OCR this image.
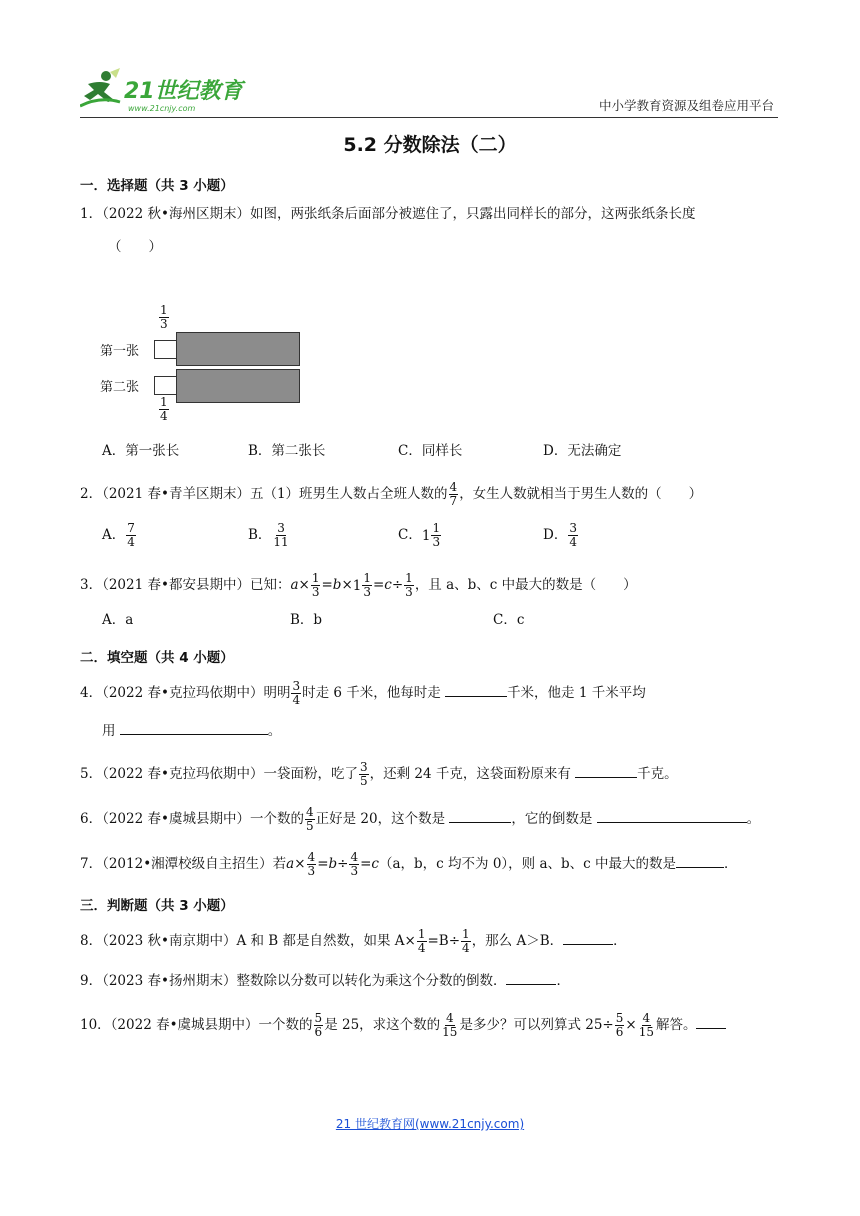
21世纪教育
www.21cnjy.com	中小学教育资源及组卷应用平台
5.2 分数除法（二）
一．选择题（共 3 小题）
1．（2022 秋•海州区期末）如图，两张纸条后面部分被遮住了，只露出同样长的部分，这两张纸条长度
（　　）
$\frac{1}{3}$
第一张
第二张
$\frac{1}{4}$
A．第一张长	B．第二张长	C．同样长	D．无法确定
2．（2021 春•青羊区期末）五（1）班男生人数占全班人数的 $\frac{4}{7}$ ，女生人数就相当于男生人数的（　　）
A． $\frac{7}{4}$	B． $\frac{3}{11}$	C． $1 \frac{1}{3}$	D． $\frac{3}{4}$
3．（2021 春•都安县期中）已知：$a\times \frac{1}{3} =b\times 1 \frac{1}{3} =c\div \frac{1}{3}$ ，且 a、b、c 中最大的数是（　　）
A．a	B．b	C．c
二．填空题（共 4 小题）
4．（2022 春•克拉玛依期中）明明 $\frac{3}{4}$ 时走 6 千米，他每时走	千米，他走 1 千米平均
用	。
5．（2022 春•克拉玛依期中）一袋面粉，吃了 $\frac{3}{5}$ ，还剩 24 千克，这袋面粉原来有	千克。
6．（2022 春•虞城县期中）一个数的 $\frac{4}{5}$ 正好是 20，这个数是	，它的倒数是	。
7．（2012•湘潭校级自主招生）若$a\times \frac{4}{3} =b\div \frac{4}{3} =c(a$，b，c 均不为 0），则 a、b、c 中最大的数是	．
三．判断题（共 3 小题）
8．（2023 秋•南京期中）A 和 B 都是自然数，如果 $A\times \frac{1}{4} =B\div \frac{1}{4}$ ，那么 A＞B．	．
9．（2023 春•扬州期末）整数除以分数可以转化为乘这个分数的倒数．	．
10．（2022 春•虞城县期中）一个数的 $\frac{5}{6}$ 是 25，求这个数的 $\frac{4}{15}$ 是多少？可以列算式 $25\div \frac{5}{6} \times \frac{4}{15}$ 解答。
21 世纪教育网(www.21cnjy.com)
